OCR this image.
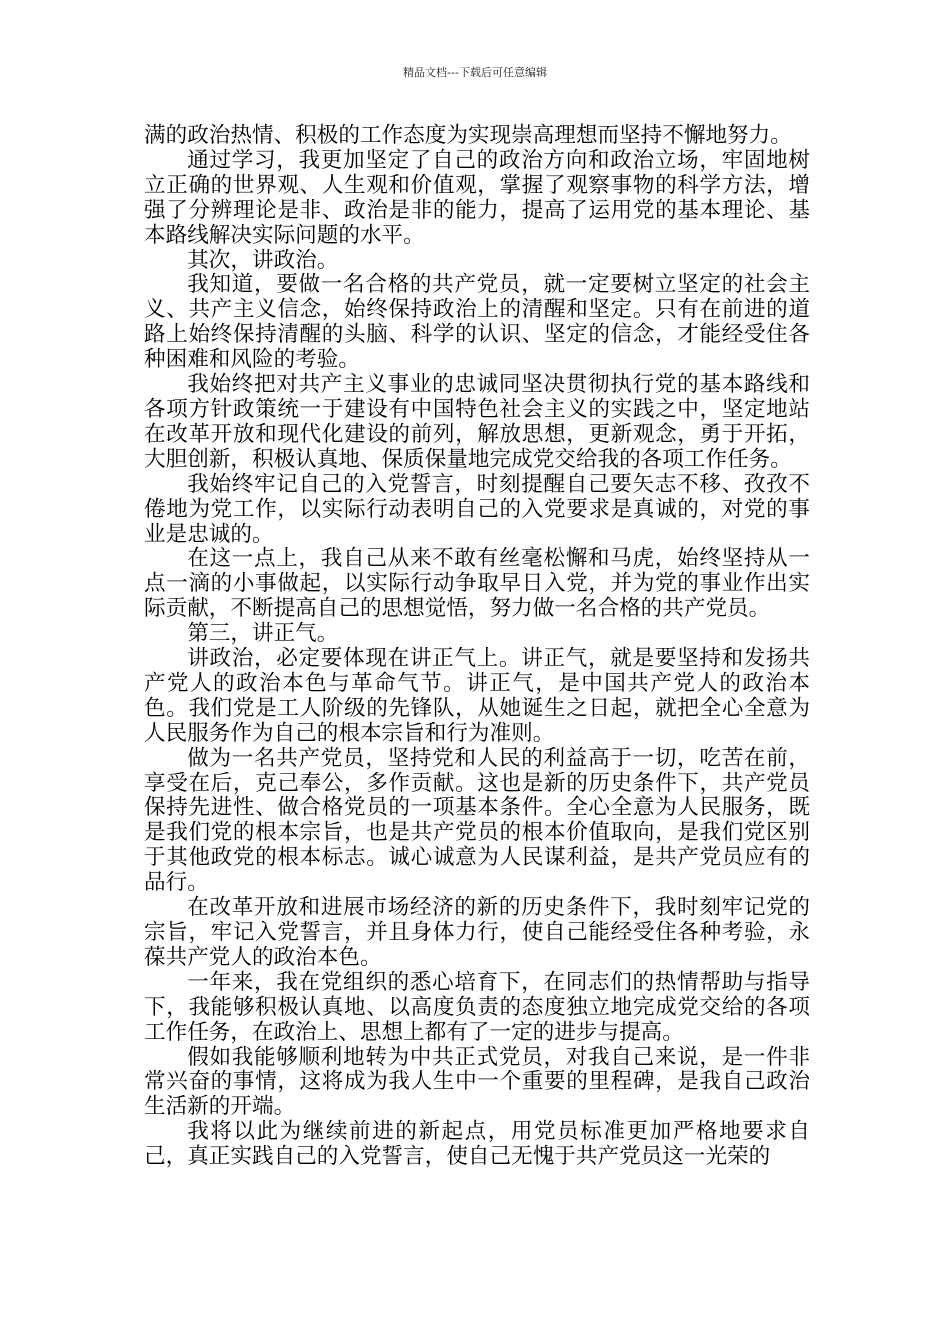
精品文档---下载后可任意编辑

满的政治热情、积极的工作态度为实现崇高理想而坚持不懈地努力。

通过学习，我更加坚定了自己的政治方向和政治立场，牢固地树立正确的世界观、人生观和价值观，掌握了观察事物的科学方法，增强了分辨理论是非、政治是非的能力，提高了运用党的基本理论、基本路线解决实际问题的水平。

其次，讲政治。

我知道，要做一名合格的共产党员，就一定要树立坚定的社会主义、共产主义信念，始终保持政治上的清醒和坚定。只有在前进的道路上始终保持清醒的头脑、科学的认识、坚定的信念，才能经受住各种困难和风险的考验。

我始终把对共产主义事业的忠诚同坚决贯彻执行党的基本路线和各项方针政策统一于建设有中国特色社会主义的实践之中，坚定地站在改革开放和现代化建设的前列，解放思想，更新观念，勇于开拓，大胆创新，积极认真地、保质保量地完成党交给我的各项工作任务。

我始终牢记自己的入党誓言，时刻提醒自己要矢志不移、孜孜不倦地为党工作，以实际行动表明自己的入党要求是真诚的，对党的事业是忠诚的。

在这一点上，我自己从来不敢有丝毫松懈和马虎，始终坚持从一点一滴的小事做起，以实际行动争取早日入党，并为党的事业作出实际贡献，不断提高自己的思想觉悟，努力做一名合格的共产党员。

第三，讲正气。

讲政治，必定要体现在讲正气上。讲正气，就是要坚持和发扬共产党人的政治本色与革命气节。讲正气，是中国共产党人的政治本色。我们党是工人阶级的先锋队，从她诞生之日起，就把全心全意为人民服务作为自己的根本宗旨和行为准则。

做为一名共产党员，坚持党和人民的利益高于一切，吃苦在前，享受在后，克己奉公，多作贡献。这也是新的历史条件下，共产党员保持先进性、做合格党员的一项基本条件。全心全意为人民服务，既是我们党的根本宗旨，也是共产党员的根本价值取向，是我们党区别于其他政党的根本标志。诚心诚意为人民谋利益，是共产党员应有的品行。

在改革开放和进展市场经济的新的历史条件下，我时刻牢记党的宗旨，牢记入党誓言，并且身体力行，使自己能经受住各种考验，永葆共产党人的政治本色。

一年来，我在党组织的悉心培育下，在同志们的热情帮助与指导下，我能够积极认真地、以高度负责的态度独立地完成党交给的各项工作任务，在政治上、思想上都有了一定的进步与提高。

假如我能够顺利地转为中共正式党员，对我自己来说，是一件非常兴奋的事情，这将成为我人生中一个重要的里程碑，是我自己政治生活新的开端。

我将以此为继续前进的新起点，用党员标准更加严格地要求自己，真正实践自己的入党誓言，使自己无愧于共产党员这一光荣的
